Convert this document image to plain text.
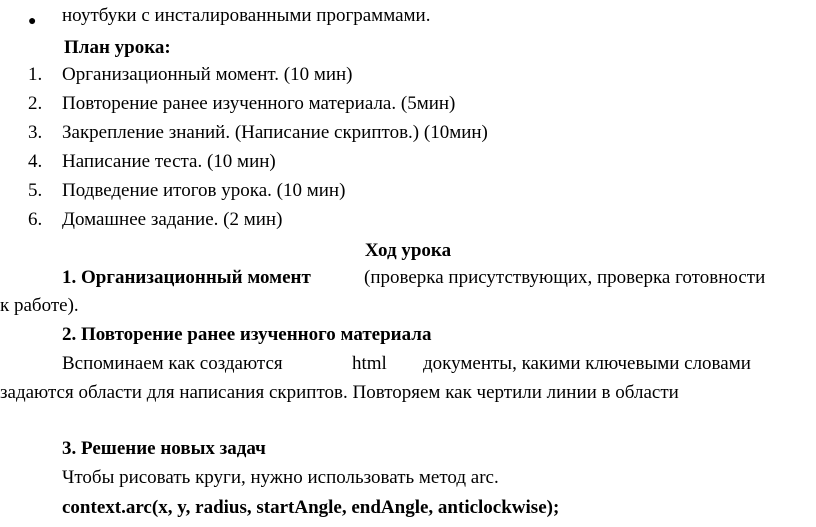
● ноутбуки с инсталированными программами.
План урока:
1.	Организационный момент. (10 мин)
2.	Повторение ранее изученного материала. (5мин)
3.	Закрепление знаний. (Написание скриптов.) (10мин)
4.	Написание теста. (10 мин)
5.	Подведение итогов урока. (10 мин)
6.	Домашнее задание. (2 мин)
Ход урока
1. Организационный момент	(проверка присутствующих, проверка готовности
к работе).
2. Повторение ранее изученного материала
Вспоминаем как создаются	html документы, какими ключевыми словами
задаются области для написания скриптов. Повторяем как чертили линии в области
3. Решение новых задач
Чтобы рисовать круги, нужно использовать метод arc.
context.arc(x, y, radius, startAngle, endAngle, anticlockwise);
